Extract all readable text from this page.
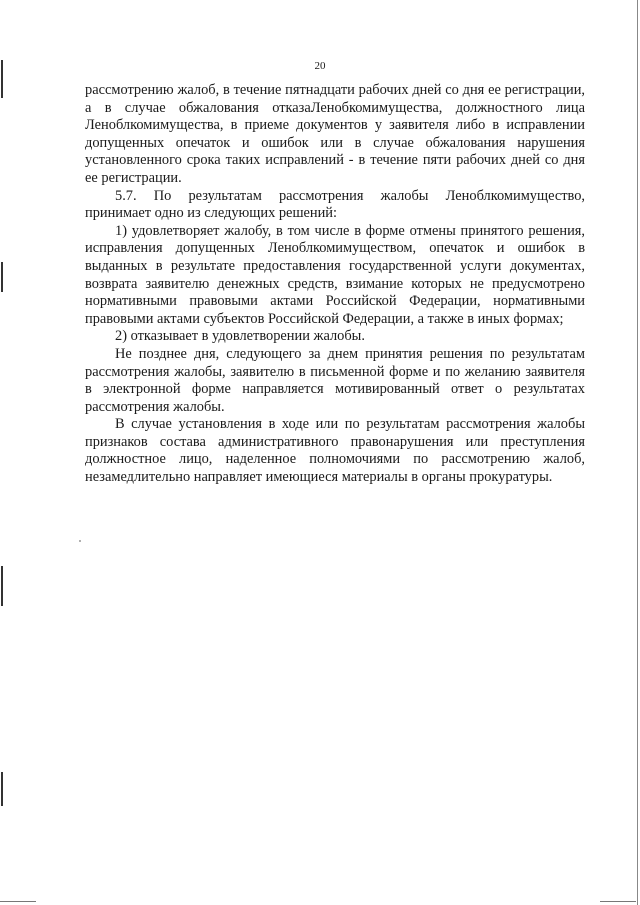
20

рассмотрению жалоб, в течение пятнадцати рабочих дней со дня ее регистрации, а в случае обжалования отказаЛенобкомимущества, должностного лица Леноблкомимущества, в приеме документов у заявителя либо в исправлении допущенных опечаток и ошибок или в случае обжалования нарушения установленного срока таких исправлений - в течение пяти рабочих дней со дня ее регистрации.

5.7. По результатам рассмотрения жалобы Леноблкомимущество, принимает одно из следующих решений:

1) удовлетворяет жалобу, в том числе в форме отмены принятого решения, исправления допущенных Леноблкомимуществом, опечаток и ошибок в выданных в результате предоставления государственной услуги документах, возврата заявителю денежных средств, взимание которых не предусмотрено нормативными правовыми актами Российской Федерации, нормативными правовыми актами субъектов Российской Федерации, а также в иных формах;

2) отказывает в удовлетворении жалобы.

Не позднее дня, следующего за днем принятия решения по результатам рассмотрения жалобы, заявителю в письменной форме и по желанию заявителя в электронной форме направляется мотивированный ответ о результатах рассмотрения жалобы.

В случае установления в ходе или по результатам рассмотрения жалобы признаков состава административного правонарушения или преступления должностное лицо, наделенное полномочиями по рассмотрению жалоб, незамедлительно направляет имеющиеся материалы в органы прокуратуры.
